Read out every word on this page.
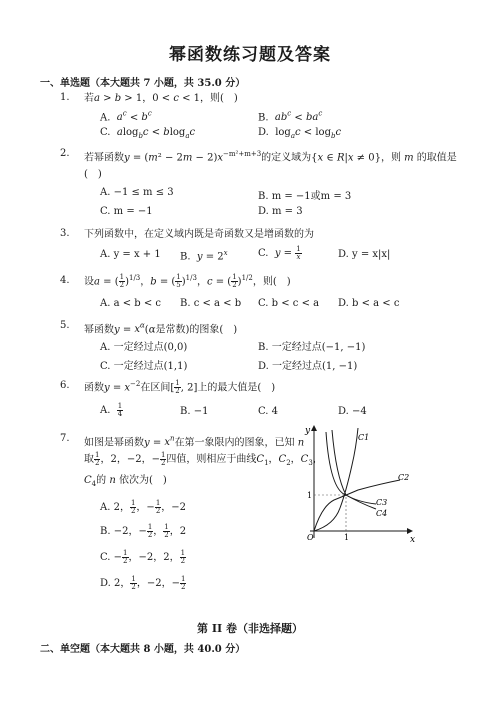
幂函数练习题及答案
一、单选题（本大题共 7 小题，共 35.0 分）
1. 若a > b > 1，0 < c < 1，则(　)
A.  $a^c < b^c$	B.  $ab^c < ba^c$
C.  alog$_b$c < blog$_a$c	D.  $\log_ac < \log_bc$
2. 若幂函数$y = (m^2 - 2m - 2)x^{-m^2+m+3}$的定义域为{x ∈ R|x ≠ 0}，则 m 的取值是
(　)
A. −1 ≤ m ≤ 3	B. m = −1或m = 3
C. m = −1	D. m = 3
3. 下列函数中，在定义域内既是奇函数又是增函数的为
A. y = x + 1 B.  $y = 2^x$	C.  $y = \frac{1}{x}$	D. y = x|x|
4. 设a = ( $\frac{1}{2} )^{1/3}$，b = ( $\frac{1}{5} )^{1/3}$，c = ( $\frac{1}{2} )^{1/2}$，则(　)
A. a < b < c B. c < a < b C. b < c < a D. b < a < c
5. 幂函数$y = x^\alpha(\alpha$是常数)的图象(　)
A. 一定经过点(0,0)	B. 一定经过点(−1, −1)
C. 一定经过点(1,1)	D. 一定经过点(1, −1)
6. 函数$y = x^{-2}$在区间[ $\frac{1}{2}$ , 2]上的最大值是(　)
A. $\frac{1}{4}$	B. −1	C. 4	D. −4
7. 如图是幂函数$y = x^n$在第一象限内的图象，已知 n
取 $\frac{1}{2}$ ，2，−2，− $\frac{1}{2}$ 四值，则相应于曲线$C_1$，$C_2$，$C_3$，
$C_4$的 n 依次为(　)
A. 2， $\frac{1}{2}$ ，− $\frac{1}{2}$ ，−2
B. −2，− $\frac{1}{2}$ ， $\frac{1}{2}$ ，2
C. − $\frac{1}{2}$ ，−2，2， $\frac{1}{2}$
D. 2， $\frac{1}{2}$ ，−2，− $\frac{1}{2}$
y
x
O	1
1
C1
C2
C3
C4
第 II 卷（非选择题）
二、单空题（本大题共 8 小题，共 40.0 分）
